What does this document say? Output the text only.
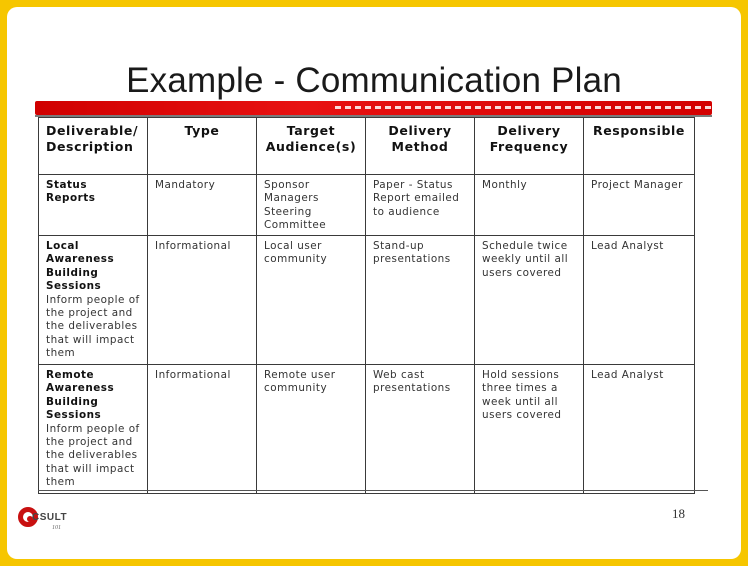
Example - Communication Plan
Deliverable/ Description	Type	Target Audience(s)	Delivery Method	Delivery Frequency	Responsible

Status Reports	Mandatory	Sponsor Managers Steering Committee	Paper - Status Report emailed to audience	Monthly	Project Manager

Local Awareness Building Sessions
Inform people of the project and the deliverables that will impact them	Informational	Local user community	Stand-up presentations	Schedule twice weekly until all users covered	Lead Analyst

Remote Awareness Building Sessions
Inform people of the project and the deliverables that will impact them	Informational	Remote user community	Web cast presentations	Hold sessions three times a week until all users covered	Lead Analyst
CSULT
101
18
